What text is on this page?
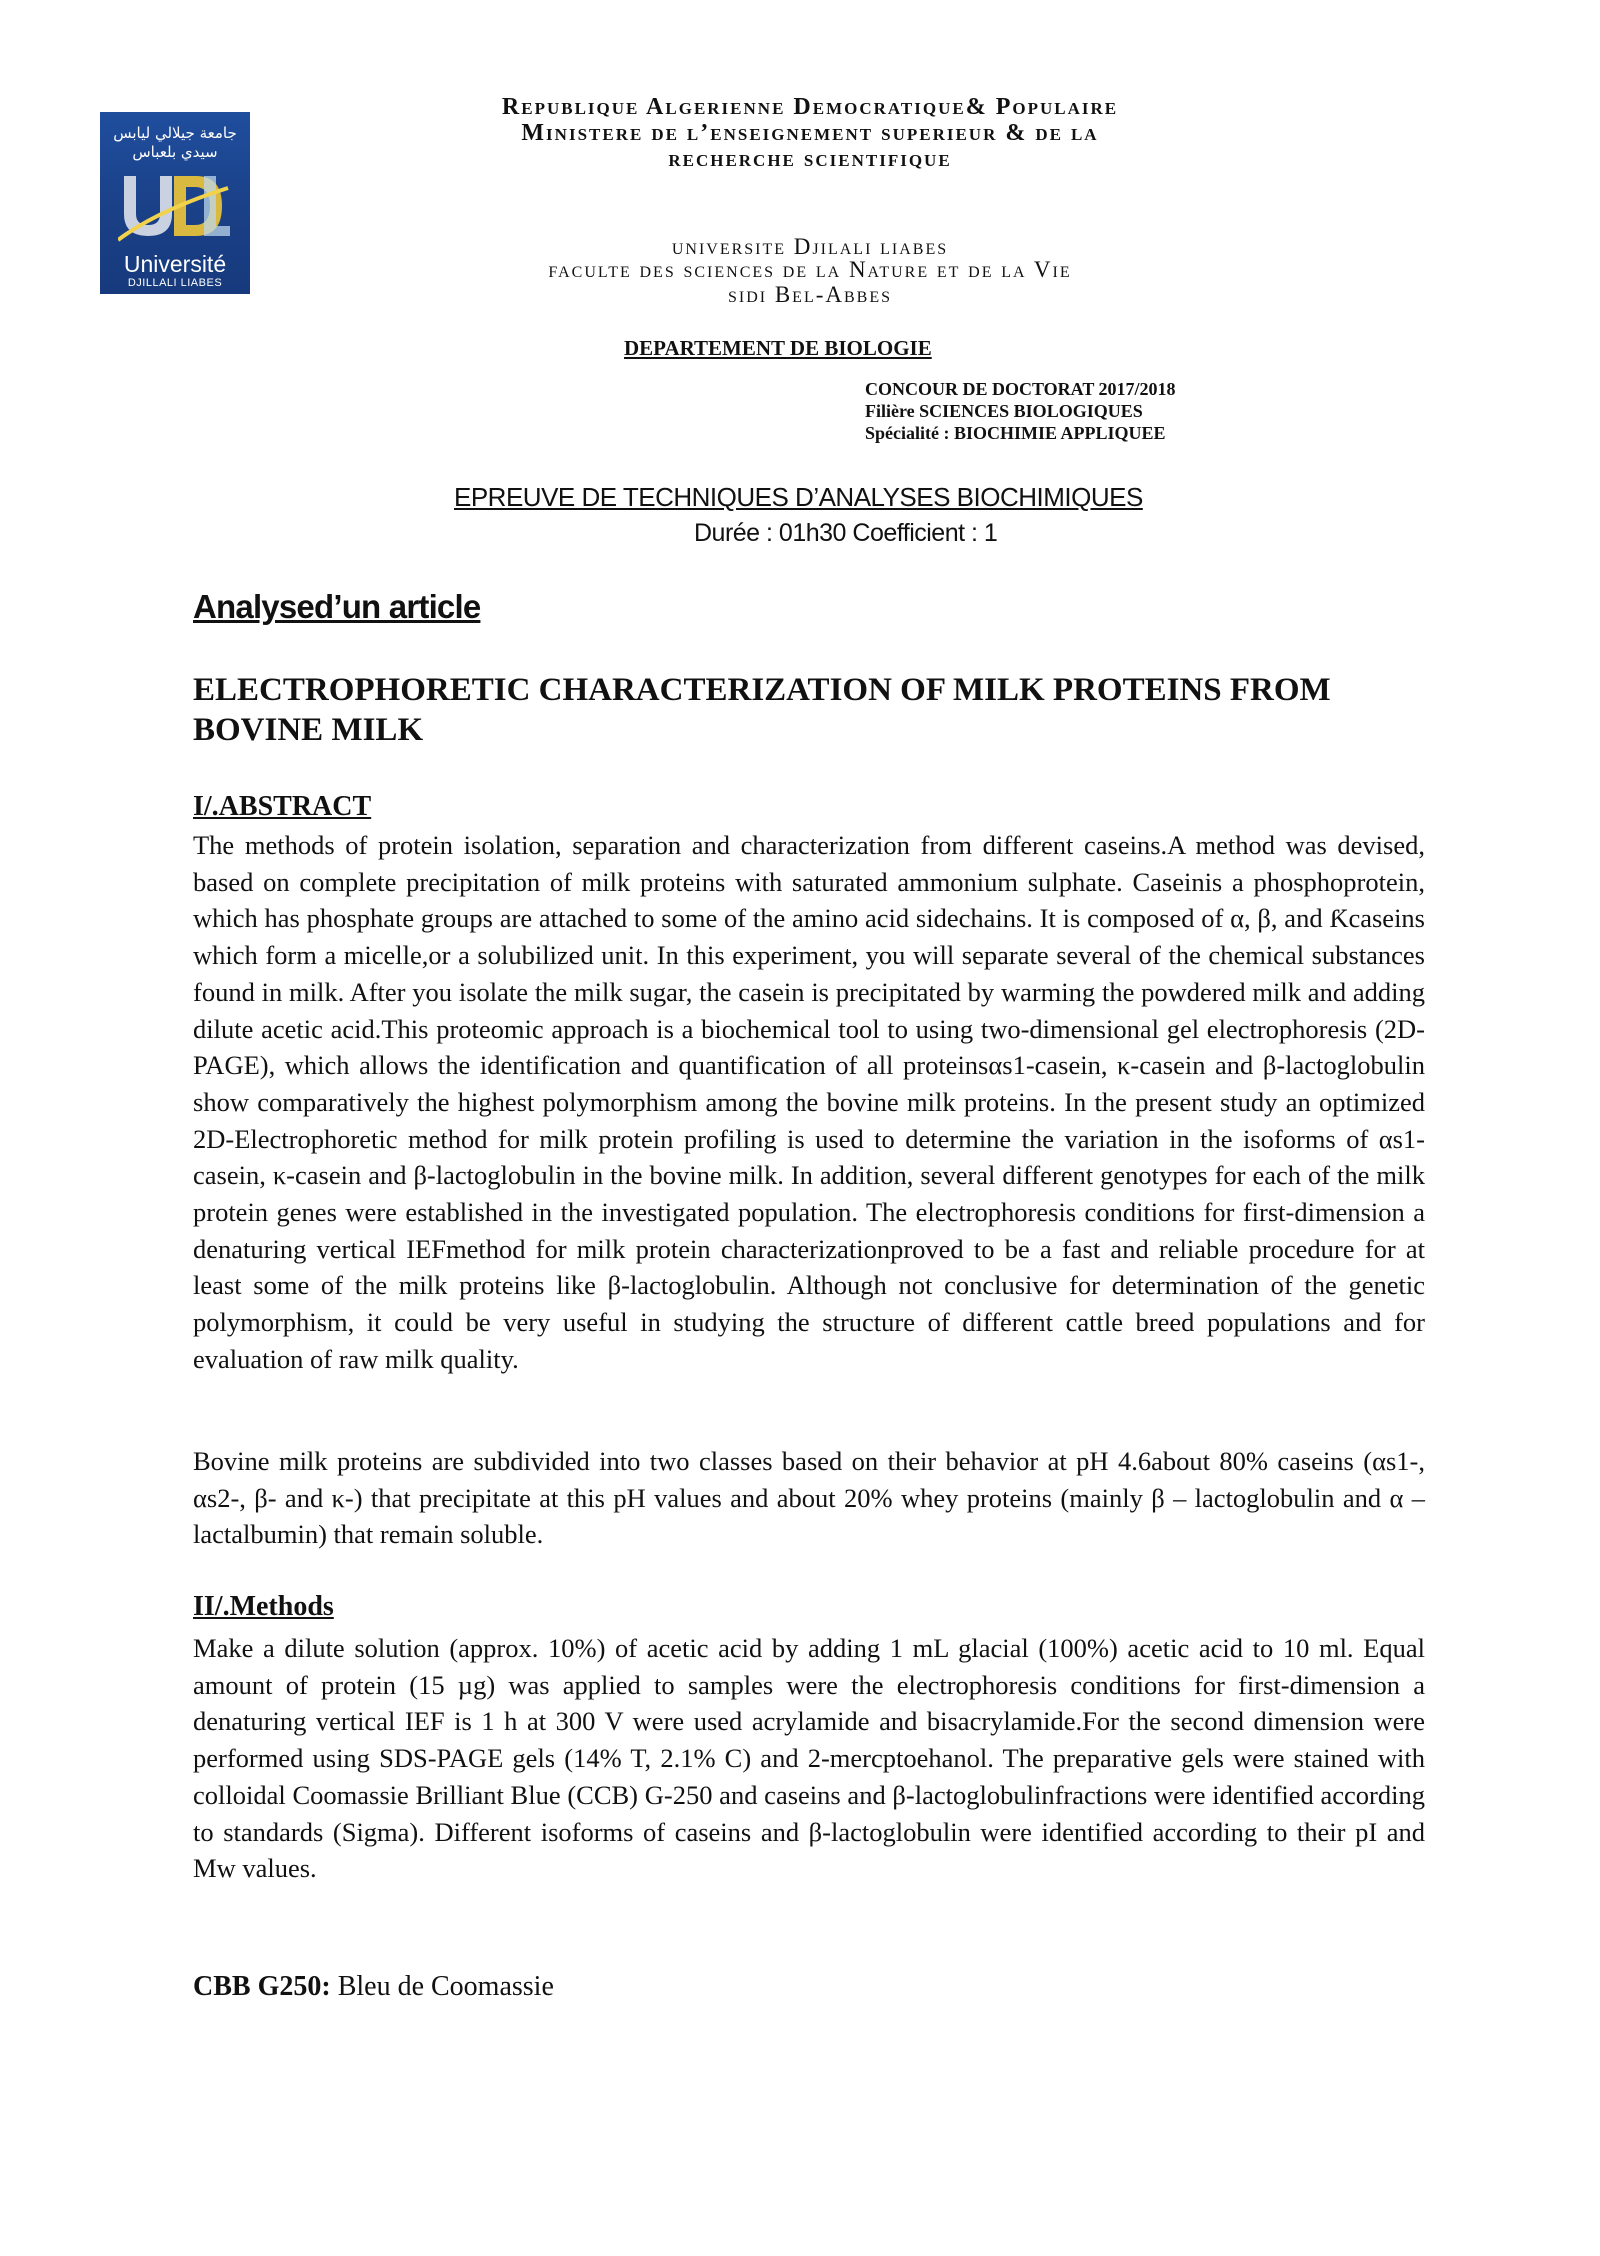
جامعة جيلالي ليابس
سيدي بلعباس
Université
DJILLALI LIABES
Republique Algerienne Democratique& Populaire
Ministere de l’enseignement superieur & de la
recherche scientifique
universite Djilali liabes
faculte des sciences de la Nature et de la Vie
sidi Bel-Abbes
DEPARTEMENT DE BIOLOGIE
CONCOUR DE DOCTORAT 2017/2018
Filière SCIENCES BIOLOGIQUES
Spécialité : BIOCHIMIE APPLIQUEE
EPREUVE DE TECHNIQUES D’ANALYSES BIOCHIMIQUES
Durée : 01h30 Coefficient : 1
Analysed’un article
ELECTROPHORETIC CHARACTERIZATION OF MILK PROTEINS FROM BOVINE MILK
I/.ABSTRACT
The methods of protein isolation, separation and characterization from different caseins.A method was devised, based on complete precipitation of milk proteins with saturated ammonium sulphate. Caseinis a phosphoprotein, which has phosphate groups are attached to some of the amino acid sidechains. It is composed of α, β, and Ƙcaseins which form a micelle,or a solubilized unit. In this experiment, you will separate several of the chemical substances found in milk. After you isolate the milk sugar, the casein is precipitated by warming the powdered milk and adding dilute acetic acid.This proteomic approach is a biochemical tool to using two-dimensional gel electrophoresis (2D-PAGE), which allows the identification and quantification of all proteinsαs1-casein, κ-casein and β-lactoglobulin show comparatively the highest polymorphism among the bovine milk proteins. In the present study an optimized 2D-Electrophoretic method for milk protein profiling is used to determine the variation in the isoforms of αs1-casein, κ-casein and β-lactoglobulin in the bovine milk. In addition, several different genotypes for each of the milk protein genes were established in the investigated population. The electrophoresis conditions for first-dimension a denaturing vertical IEFmethod for milk protein characterizationproved to be a fast and reliable procedure for at least some of the milk proteins like β-lactoglobulin. Although not conclusive for determination of the genetic polymorphism, it could be very useful in studying the structure of different cattle breed populations and for evaluation of raw milk quality.
Bovine milk proteins are subdivided into two classes based on their behavior at pH 4.6about 80% caseins (αs1-, αs2-, β- and κ-) that precipitate at this pH values and about 20% whey proteins (mainly β – lactoglobulin and α – lactalbumin) that remain soluble.
II/.Methods
Make a dilute solution (approx. 10%) of acetic acid by adding 1 mL glacial (100%) acetic acid to 10 ml. Equal amount of protein (15 µg) was applied to samples were the electrophoresis conditions for first-dimension a denaturing vertical IEF is 1 h at 300 V were used acrylamide and bisacrylamide.For the second dimension were performed using SDS-PAGE gels (14% T, 2.1% C) and 2-mercptoehanol. The preparative gels were stained with colloidal Coomassie Brilliant Blue (CCB) G-250 and caseins and β-lactoglobulinfractions were identified according to standards (Sigma). Different isoforms of caseins and β-lactoglobulin were identified according to their pI and Mw values.
CBB G250: Bleu de Coomassie
